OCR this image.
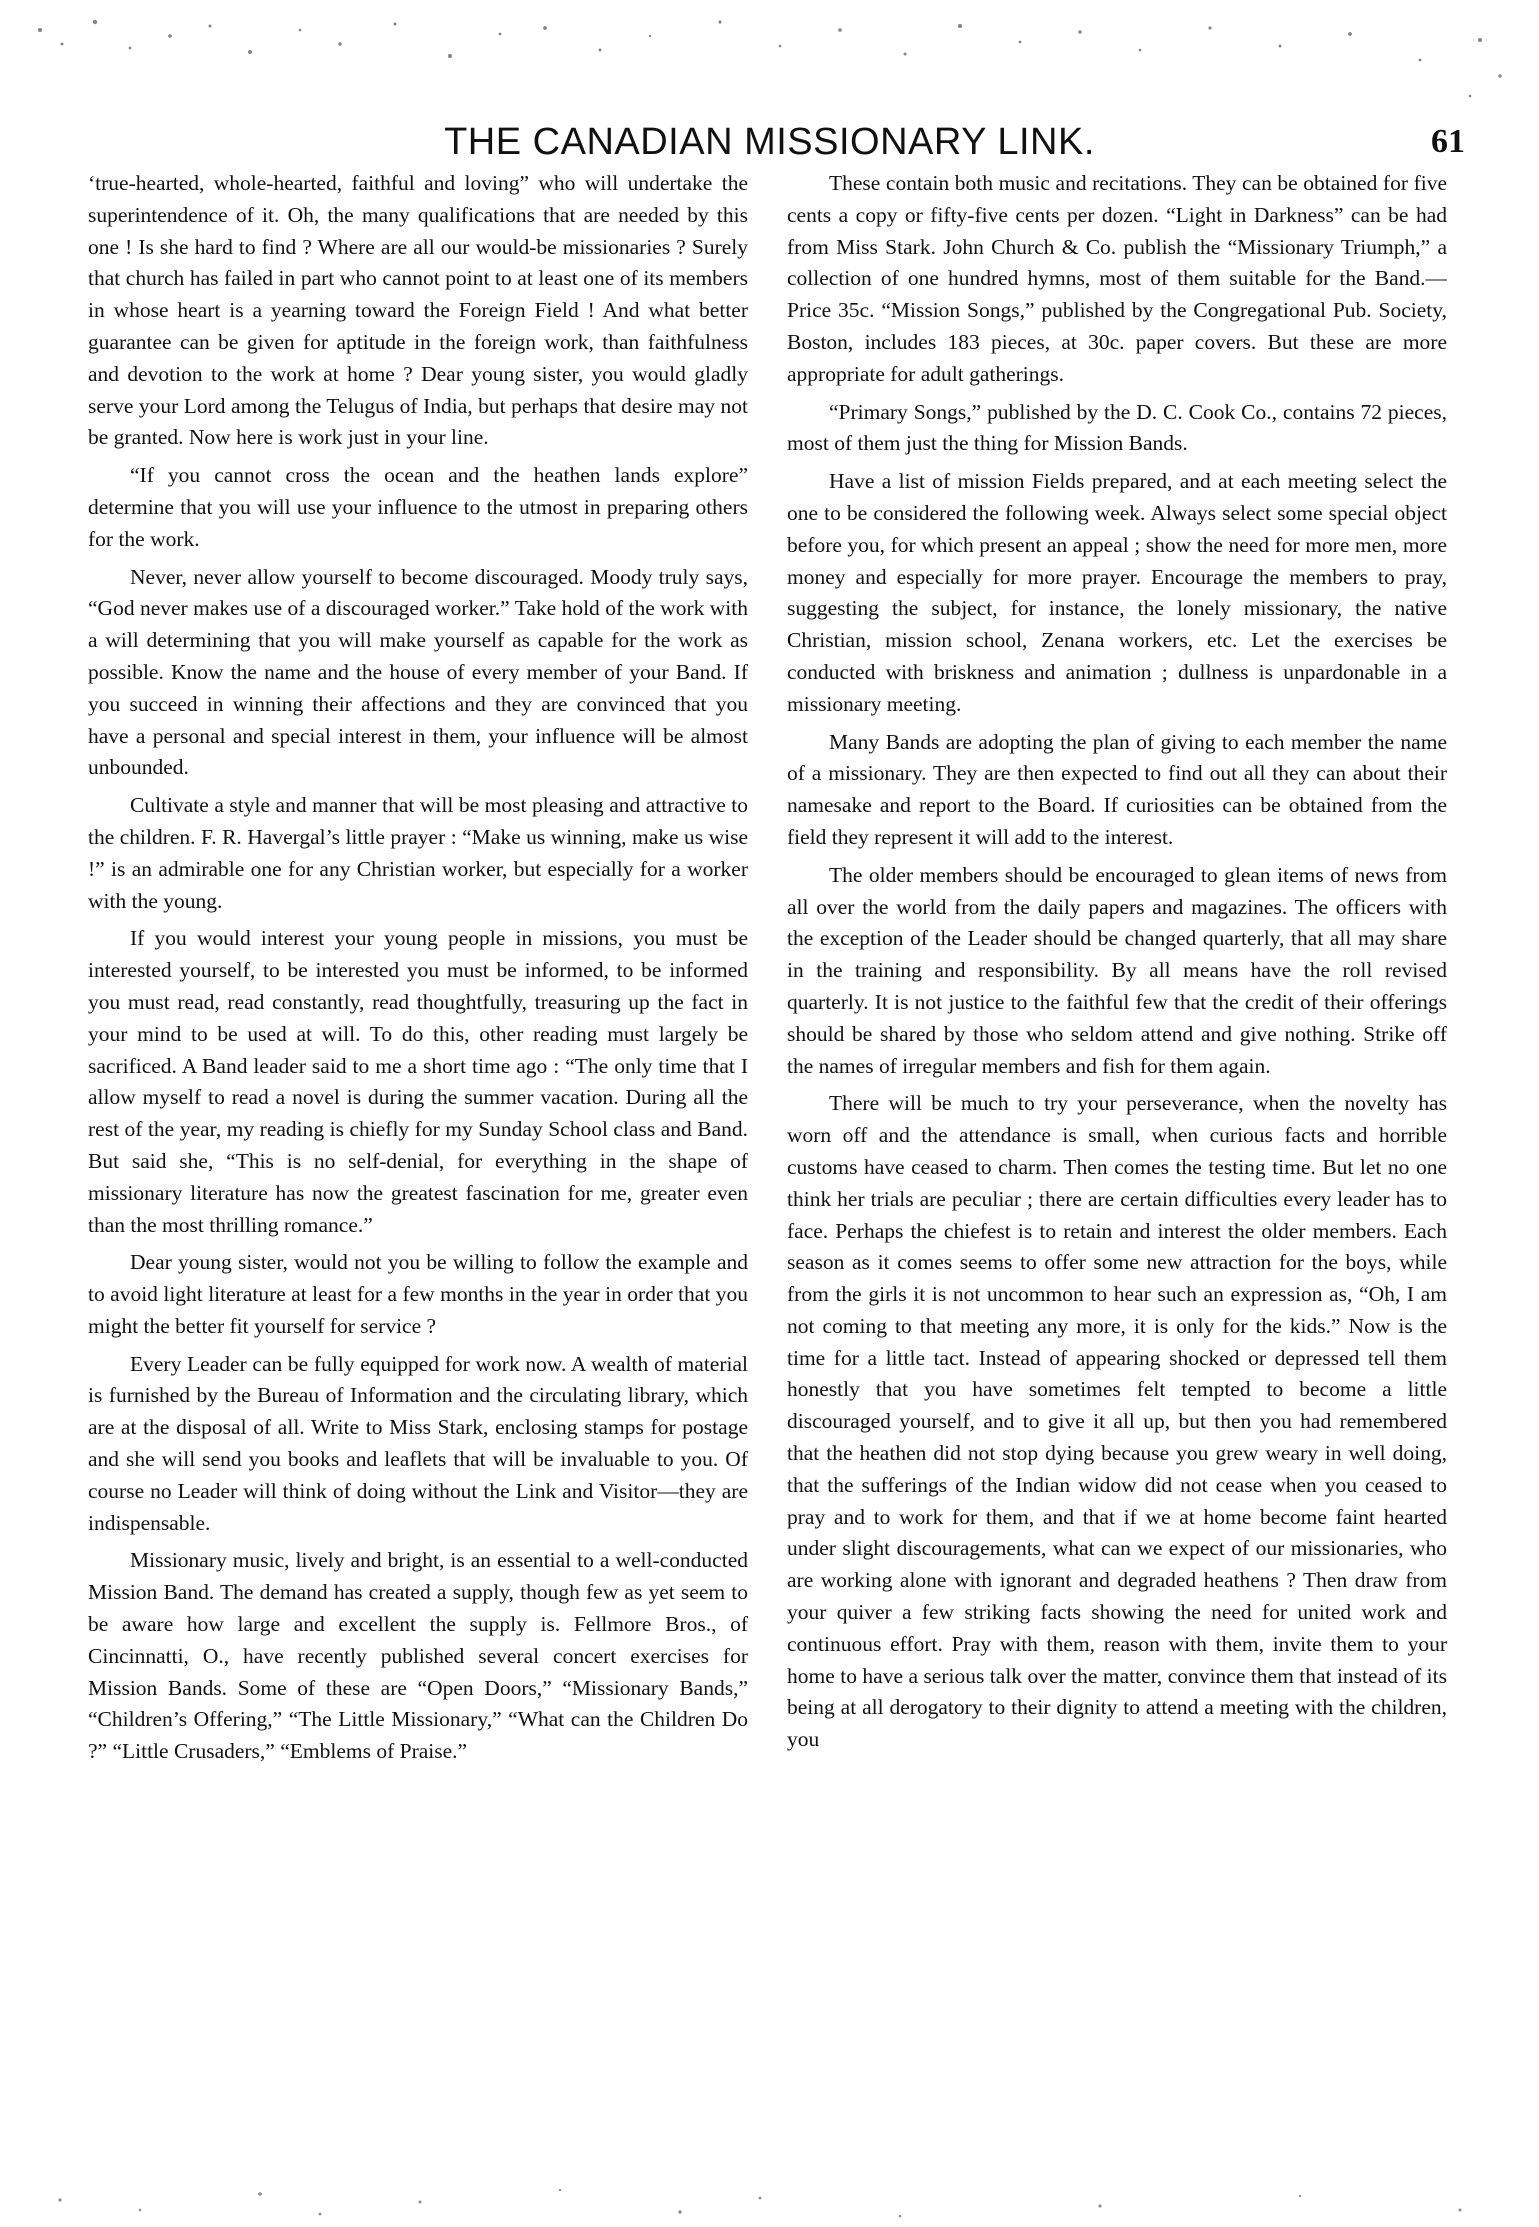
THE CANADIAN MISSIONARY LINK.	61

‘true-hearted, whole-hearted, faithful and loving” who will undertake the superintendence of it. Oh, the many qualifications that are needed by this one ! Is she hard to find ? Where are all our would-be missionaries ? Surely that church has failed in part who cannot point to at least one of its members in whose heart is a yearning toward the Foreign Field ! And what better guarantee can be given for aptitude in the foreign work, than faithfulness and devotion to the work at home ? Dear young sister, you would gladly serve your Lord among the Telugus of India, but perhaps that desire may not be granted. Now here is work just in your line.

“If you cannot cross the ocean and the heathen lands explore” determine that you will use your influence to the utmost in preparing others for the work.

Never, never allow yourself to become discouraged. Moody truly says, “God never makes use of a discouraged worker.” Take hold of the work with a will determining that you will make yourself as capable for the work as possible. Know the name and the house of every member of your Band. If you succeed in winning their affections and they are convinced that you have a personal and special interest in them, your influence will be almost unbounded.

Cultivate a style and manner that will be most pleasing and attractive to the children. F. R. Havergal’s little prayer : “Make us winning, make us wise !” is an admirable one for any Christian worker, but especially for a worker with the young.

If you would interest your young people in missions, you must be interested yourself, to be interested you must be informed, to be informed you must read, read constantly, read thoughtfully, treasuring up the fact in your mind to be used at will. To do this, other reading must largely be sacrificed. A Band leader said to me a short time ago : “The only time that I allow myself to read a novel is during the summer vacation. During all the rest of the year, my reading is chiefly for my Sunday School class and Band. But said she, “This is no self-denial, for everything in the shape of missionary literature has now the greatest fascination for me, greater even than the most thrilling romance.”

Dear young sister, would not you be willing to follow the example and to avoid light literature at least for a few months in the year in order that you might the better fit yourself for service ?

Every Leader can be fully equipped for work now. A wealth of material is furnished by the Bureau of Information and the circulating library, which are at the disposal of all. Write to Miss Stark, enclosing stamps for postage and she will send you books and leaflets that will be invaluable to you. Of course no Leader will think of doing without the Link and Visitor—they are indispensable.

Missionary music, lively and bright, is an essential to a well-conducted Mission Band. The demand has created a supply, though few as yet seem to be aware how large and excellent the supply is. Fellmore Bros., of Cincinnatti, O., have recently published several concert exercises for Mission Bands. Some of these are “Open Doors,” “Missionary Bands,” “Children’s Offering,” “The Little Missionary,” “What can the Children Do ?” “Little Crusaders,” “Emblems of Praise.”

These contain both music and recitations. They can be obtained for five cents a copy or fifty-five cents per dozen. “Light in Darkness” can be had from Miss Stark. John Church & Co. publish the “Missionary Triumph,” a collection of one hundred hymns, most of them suitable for the Band.—Price 35c. “Mission Songs,” published by the Congregational Pub. Society, Boston, includes 183 pieces, at 30c. paper covers. But these are more appropriate for adult gatherings.

“Primary Songs,” published by the D. C. Cook Co., contains 72 pieces, most of them just the thing for Mission Bands.

Have a list of mission Fields prepared, and at each meeting select the one to be considered the following week. Always select some special object before you, for which present an appeal ; show the need for more men, more money and especially for more prayer. Encourage the members to pray, suggesting the subject, for instance, the lonely missionary, the native Christian, mission school, Zenana workers, etc. Let the exercises be conducted with briskness and animation ; dullness is unpardonable in a missionary meeting.

Many Bands are adopting the plan of giving to each member the name of a missionary. They are then expected to find out all they can about their namesake and report to the Board. If curiosities can be obtained from the field they represent it will add to the interest.

The older members should be encouraged to glean items of news from all over the world from the daily papers and magazines. The officers with the exception of the Leader should be changed quarterly, that all may share in the training and responsibility. By all means have the roll revised quarterly. It is not justice to the faithful few that the credit of their offerings should be shared by those who seldom attend and give nothing. Strike off the names of irregular members and fish for them again.

There will be much to try your perseverance, when the novelty has worn off and the attendance is small, when curious facts and horrible customs have ceased to charm. Then comes the testing time. But let no one think her trials are peculiar ; there are certain difficulties every leader has to face. Perhaps the chiefest is to retain and interest the older members. Each season as it comes seems to offer some new attraction for the boys, while from the girls it is not uncommon to hear such an expression as, “Oh, I am not coming to that meeting any more, it is only for the kids.” Now is the time for a little tact. Instead of appearing shocked or depressed tell them honestly that you have sometimes felt tempted to become a little discouraged yourself, and to give it all up, but then you had remembered that the heathen did not stop dying because you grew weary in well doing, that the sufferings of the Indian widow did not cease when you ceased to pray and to work for them, and that if we at home become faint hearted under slight discouragements, what can we expect of our missionaries, who are working alone with ignorant and degraded heathens ? Then draw from your quiver a few striking facts showing the need for united work and continuous effort. Pray with them, reason with them, invite them to your home to have a serious talk over the matter, convince them that instead of its being at all derogatory to their dignity to attend a meeting with the children, you
